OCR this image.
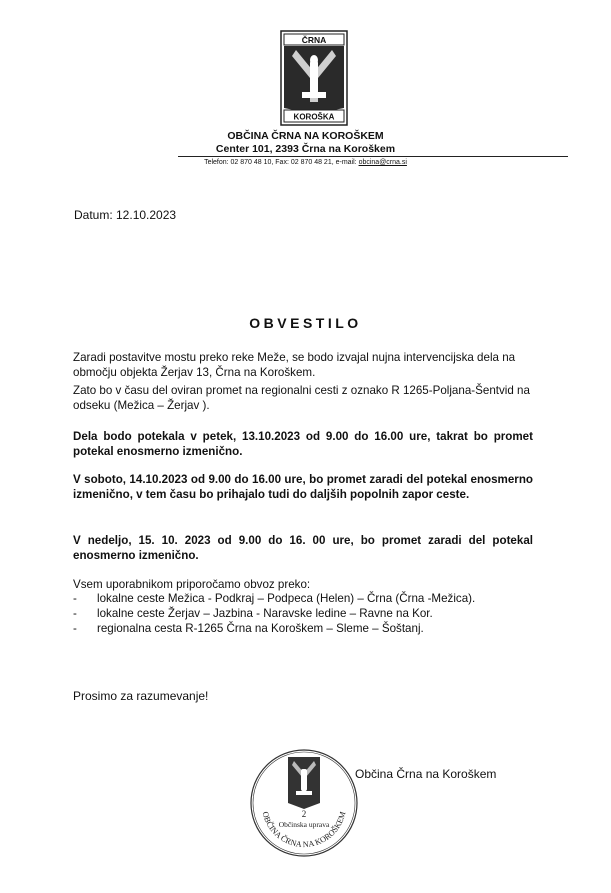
ČRNA
KOROŠKA
OBČINA ČRNA NA KOROŠKEM
Center 101, 2393 Črna na Koroškem
Telefon: 02 870 48 10, Fax: 02 870 48 21, e-mail: obcina@crna.si
Datum: 12.10.2023
OBVESTILO
Zaradi postavitve mostu preko reke Meže, se bodo izvajal nujna intervencijska dela na območju objekta Žerjav 13, Črna na Koroškem.
Zato bo v času del oviran promet na regionalni cesti z oznako R 1265-Poljana-Šentvid na odseku (Mežica – Žerjav ).
Dela bodo potekala v petek, 13.10.2023 od 9.00 do 16.00 ure, takrat bo promet potekal enosmerno izmenično.
V soboto, 14.10.2023 od 9.00 do 16.00 ure, bo promet zaradi del potekal enosmerno izmenično, v tem času bo prihajalo tudi do daljših popolnih zapor ceste.
V nedeljo, 15. 10. 2023 od 9.00 do 16. 00 ure, bo promet zaradi del potekal enosmerno izmenično.
Vsem uporabnikom priporočamo obvoz preko:
- lokalne ceste Mežica - Podkraj – Podpeca (Helen) – Črna (Črna -Mežica).
- lokalne ceste Žerjav – Jazbina - Naravske ledine – Ravne na Kor.
- regionalna cesta R-1265 Črna na Koroškem – Sleme – Šoštanj.
Prosimo za razumevanje!
2
Občinska uprava
OBČINA ČRNA NA KOROŠKEM
Občina Črna na Koroškem
